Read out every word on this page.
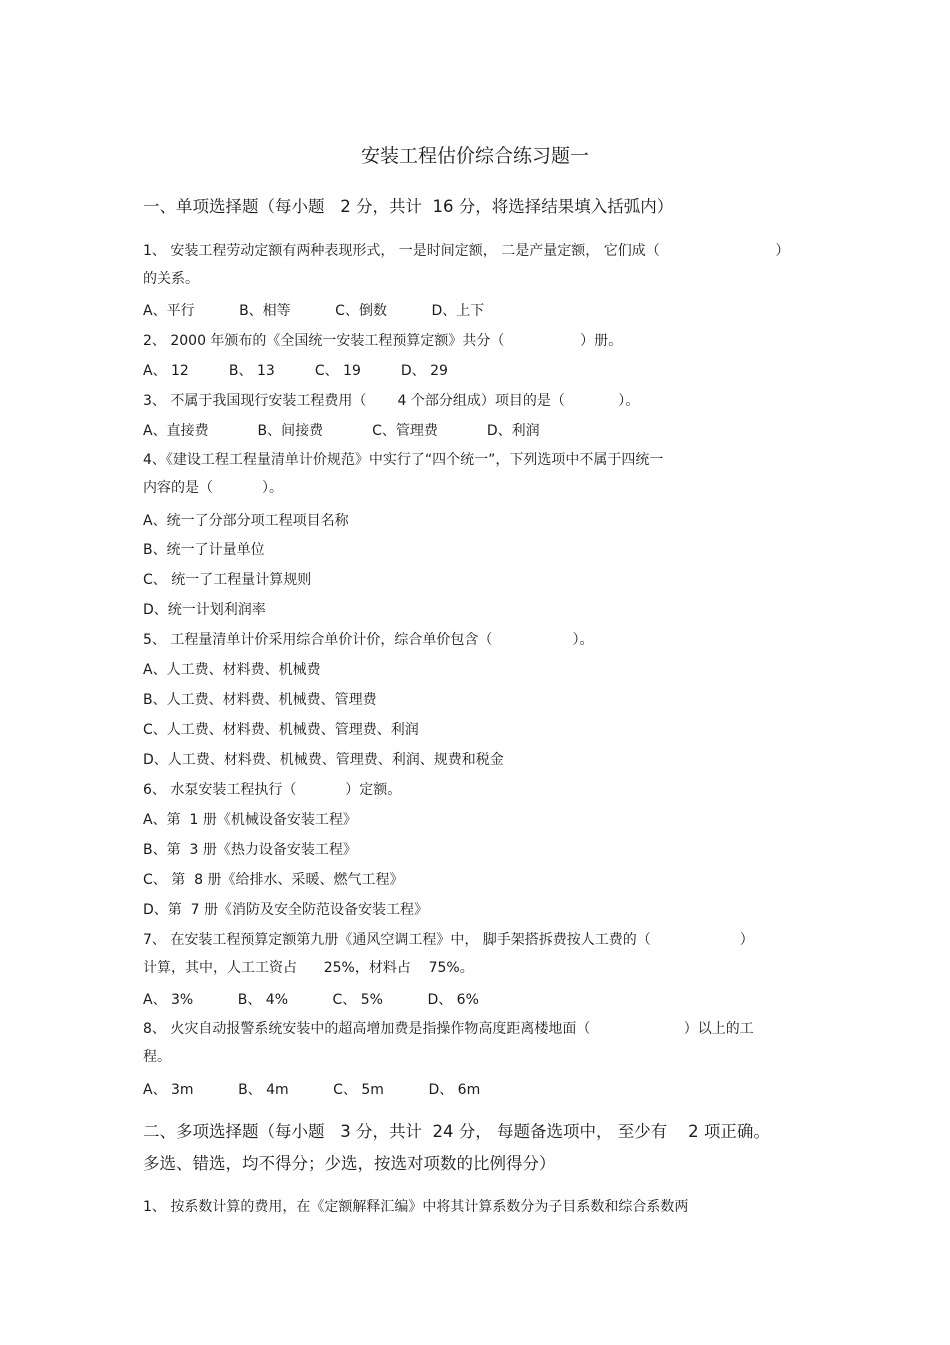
安装工程估价综合练习题一

一、单项选择题（每小题   2 分，共计  16 分，将选择结果填入括弧内）

1、 安装工程劳动定额有两种表现形式， 一是时间定额， 二是产量定额， 它们成（                          ）

的关系。

A、平行          B、相等          C、倒数          D、上下

2、 2000 年颁布的《全国统一安装工程预算定额》共分（                 ）册。

A、 12         B、 13         C、 19         D、 29

3、 不属于我国现行安装工程费用（       4 个部分组成）项目的是（            ）。

A、直接费           B、间接费           C、管理费           D、利润

4、《建设工程工程量清单计价规范》中实行了“四个统一”，下列选项中不属于四统一

内容的是（           ）。

A、统一了分部分项工程项目名称

B、统一了计量单位

C、 统一了工程量计算规则

D、统一计划利润率

5、 工程量清单计价采用综合单价计价，综合单价包含（                  ）。

A、人工费、材料费、机械费

B、人工费、材料费、机械费、管理费

C、人工费、材料费、机械费、管理费、利润

D、人工费、材料费、机械费、管理费、利润、规费和税金

6、 水泵安装工程执行（           ）定额。

A、第  1 册《机械设备安装工程》

B、第  3 册《热力设备安装工程》

C、 第  8 册《给排水、采暖、燃气工程》

D、第  7 册《消防及安全防范设备安装工程》

7、 在安装工程预算定额第九册《通风空调工程》中， 脚手架搭拆费按人工费的（                    ）

计算，其中，人工工资占      25%，材料占    75%。

A、 3%          B、 4%          C、 5%          D、 6%

8、 火灾自动报警系统安装中的超高增加费是指操作物高度距离楼地面（                     ）以上的工

程。

A、 3m          B、 4m          C、 5m          D、 6m

二、多项选择题（每小题   3 分，共计  24 分， 每题备选项中， 至少有    2 项正确。

多选、错选，均不得分；少选，按选对项数的比例得分）

1、 按系数计算的费用，在《定额解释汇编》中将其计算系数分为子目系数和综合系数两
